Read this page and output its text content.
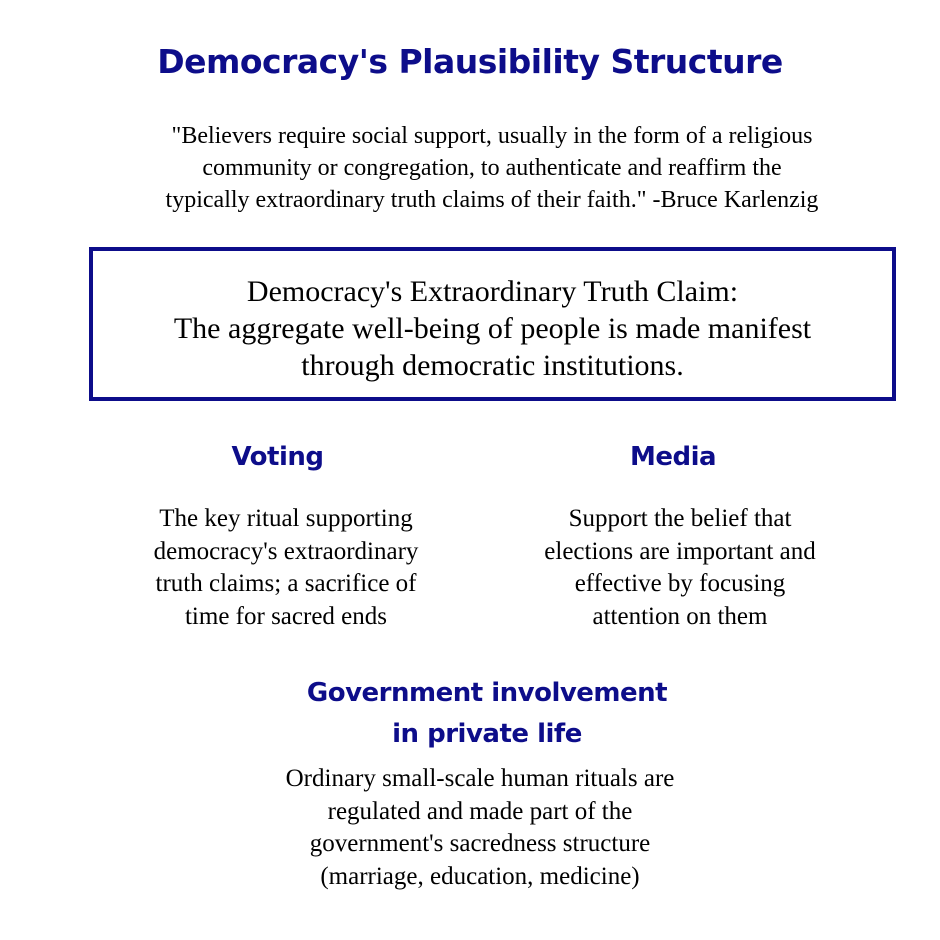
Democracy's Plausibility Structure
"Believers require social support, usually in the form of a religious
community or congregation, to authenticate and reaffirm the
typically extraordinary truth claims of their faith." -Bruce Karlenzig
Democracy's Extraordinary Truth Claim:
The aggregate well-being of people is made manifest
through democratic institutions.
Voting
The key ritual supporting
democracy's extraordinary
truth claims; a sacrifice of
time for sacred ends
Media
Support the belief that
elections are important and
effective by focusing
attention on them
Government involvement
in private life
Ordinary small-scale human rituals are
regulated and made part of the
government's sacredness structure
(marriage, education, medicine)
